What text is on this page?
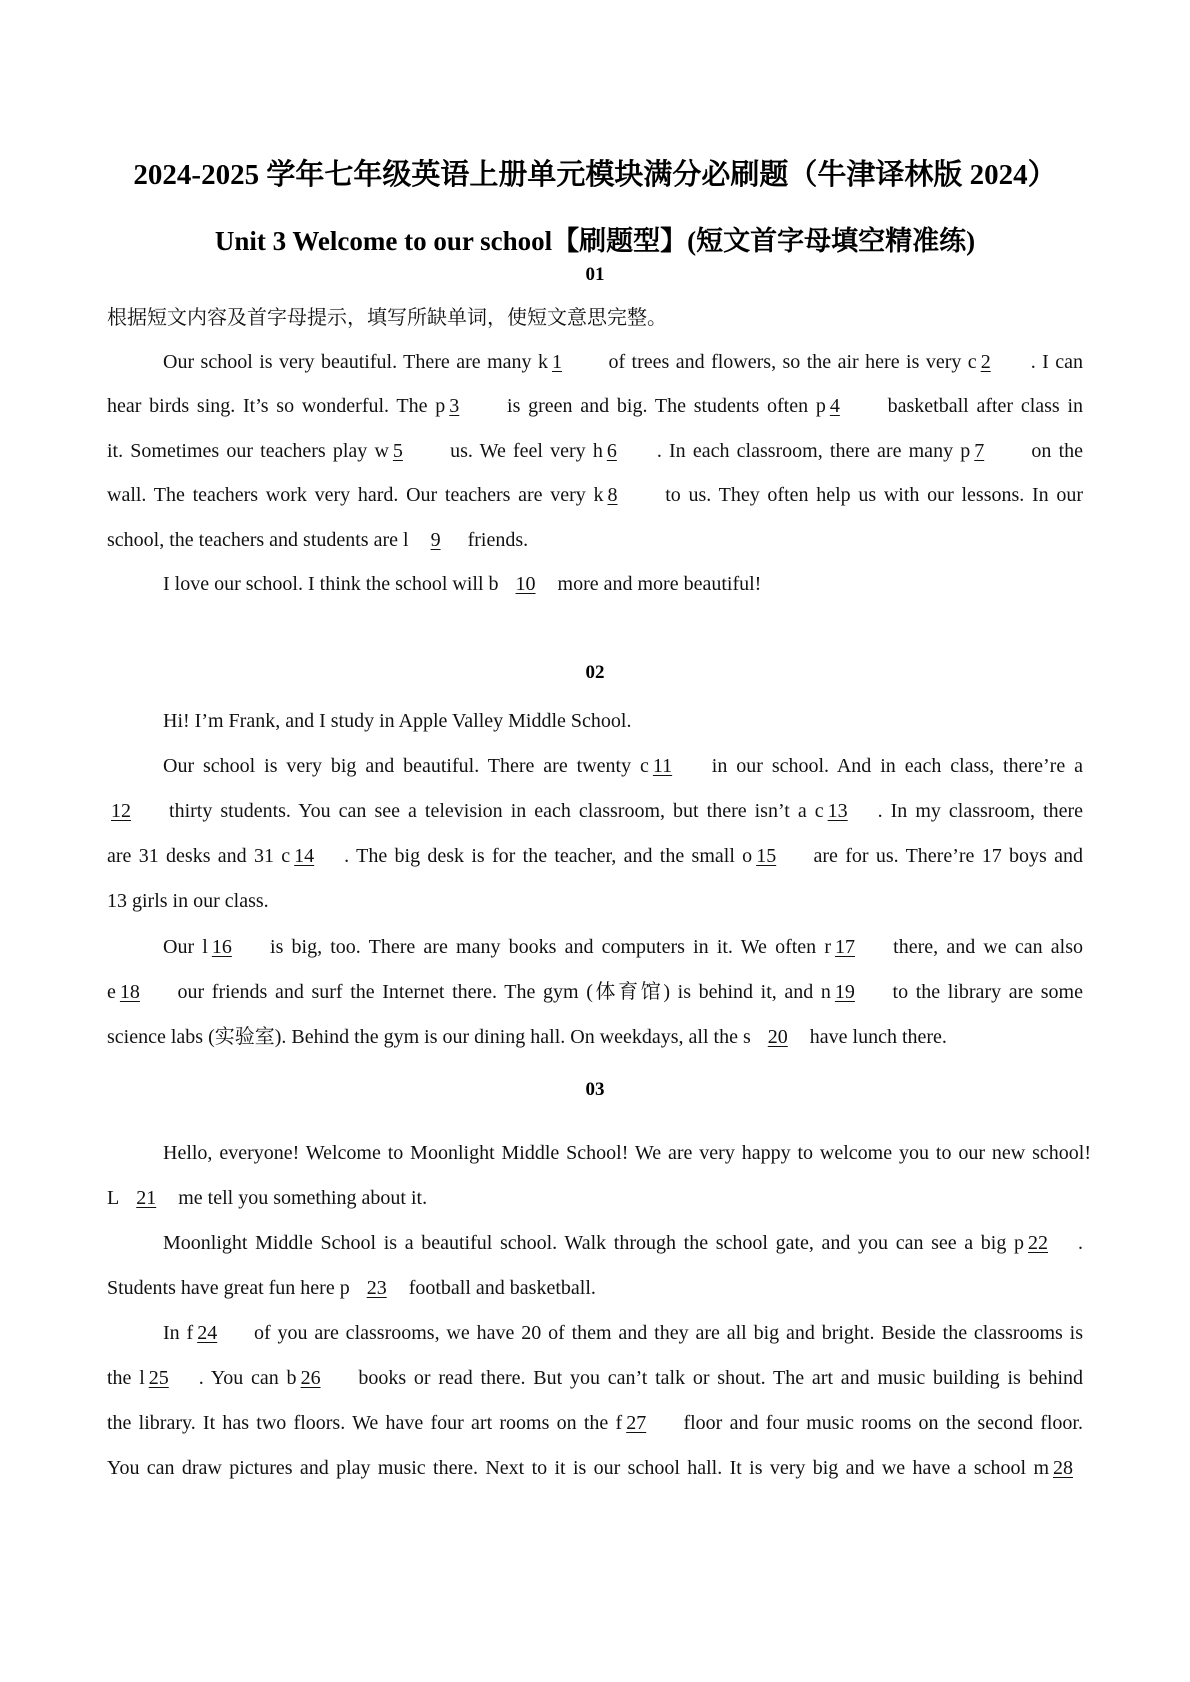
2024-2025 学年七年级英语上册单元模块满分必刷题（牛津译林版 2024）
Unit 3 Welcome to our school【刷题型】(短文首字母填空精准练)
01
根据短文内容及首字母提示，填写所缺单词，使短文意思完整。
Our school is very beautiful. There are many k 1 of trees and flowers, so the air here is very c 2 . I can
hear birds sing. It’s so wonderful. The p 3 is green and big. The students often p 4 basketball after class in
it. Sometimes our teachers play w 5 us. We feel very h 6 . In each classroom, there are many p 7 on the
wall. The teachers work very hard. Our teachers are very k 8 to us. They often help us with our lessons. In our
school, the teachers and students are l 9 friends.
I love our school. I think the school will b 10 more and more beautiful!
02
03
Hi! I’m Frank, and I study in Apple Valley Middle School.
Our school is very big and beautiful. There are twenty c 11 in our school. And in each class, there’re a
12 thirty students. You can see a television in each classroom, but there isn’t a c 13 . In my classroom, there
are 31 desks and 31 c 14 . The big desk is for the teacher, and the small o 15 are for us. There’re 17 boys and
13 girls in our class.
Our l 16 is big, too. There are many books and computers in it. We often r 17 there, and we can also
e 18 our friends and surf the Internet there. The gym (体育馆) is behind it, and n 19 to the library are some
science labs (实验室). Behind the gym is our dining hall. On weekdays, all the s 20 have lunch there.
Hello, everyone! Welcome to Moonlight Middle School! We are very happy to welcome you to our new school!
L 21 me tell you something about it.
Moonlight Middle School is a beautiful school. Walk through the school gate, and you can see a big p 22 .
Students have great fun here p 23 football and basketball.
In f 24 of you are classrooms, we have 20 of them and they are all big and bright. Beside the classrooms is
the l 25 . You can b 26 books or read there. But you can’t talk or shout. The art and music building is behind
the library. It has two floors. We have four art rooms on the f 27 floor and four music rooms on the second floor.
You can draw pictures and play music there. Next to it is our school hall. It is very big and we have a school m 28
